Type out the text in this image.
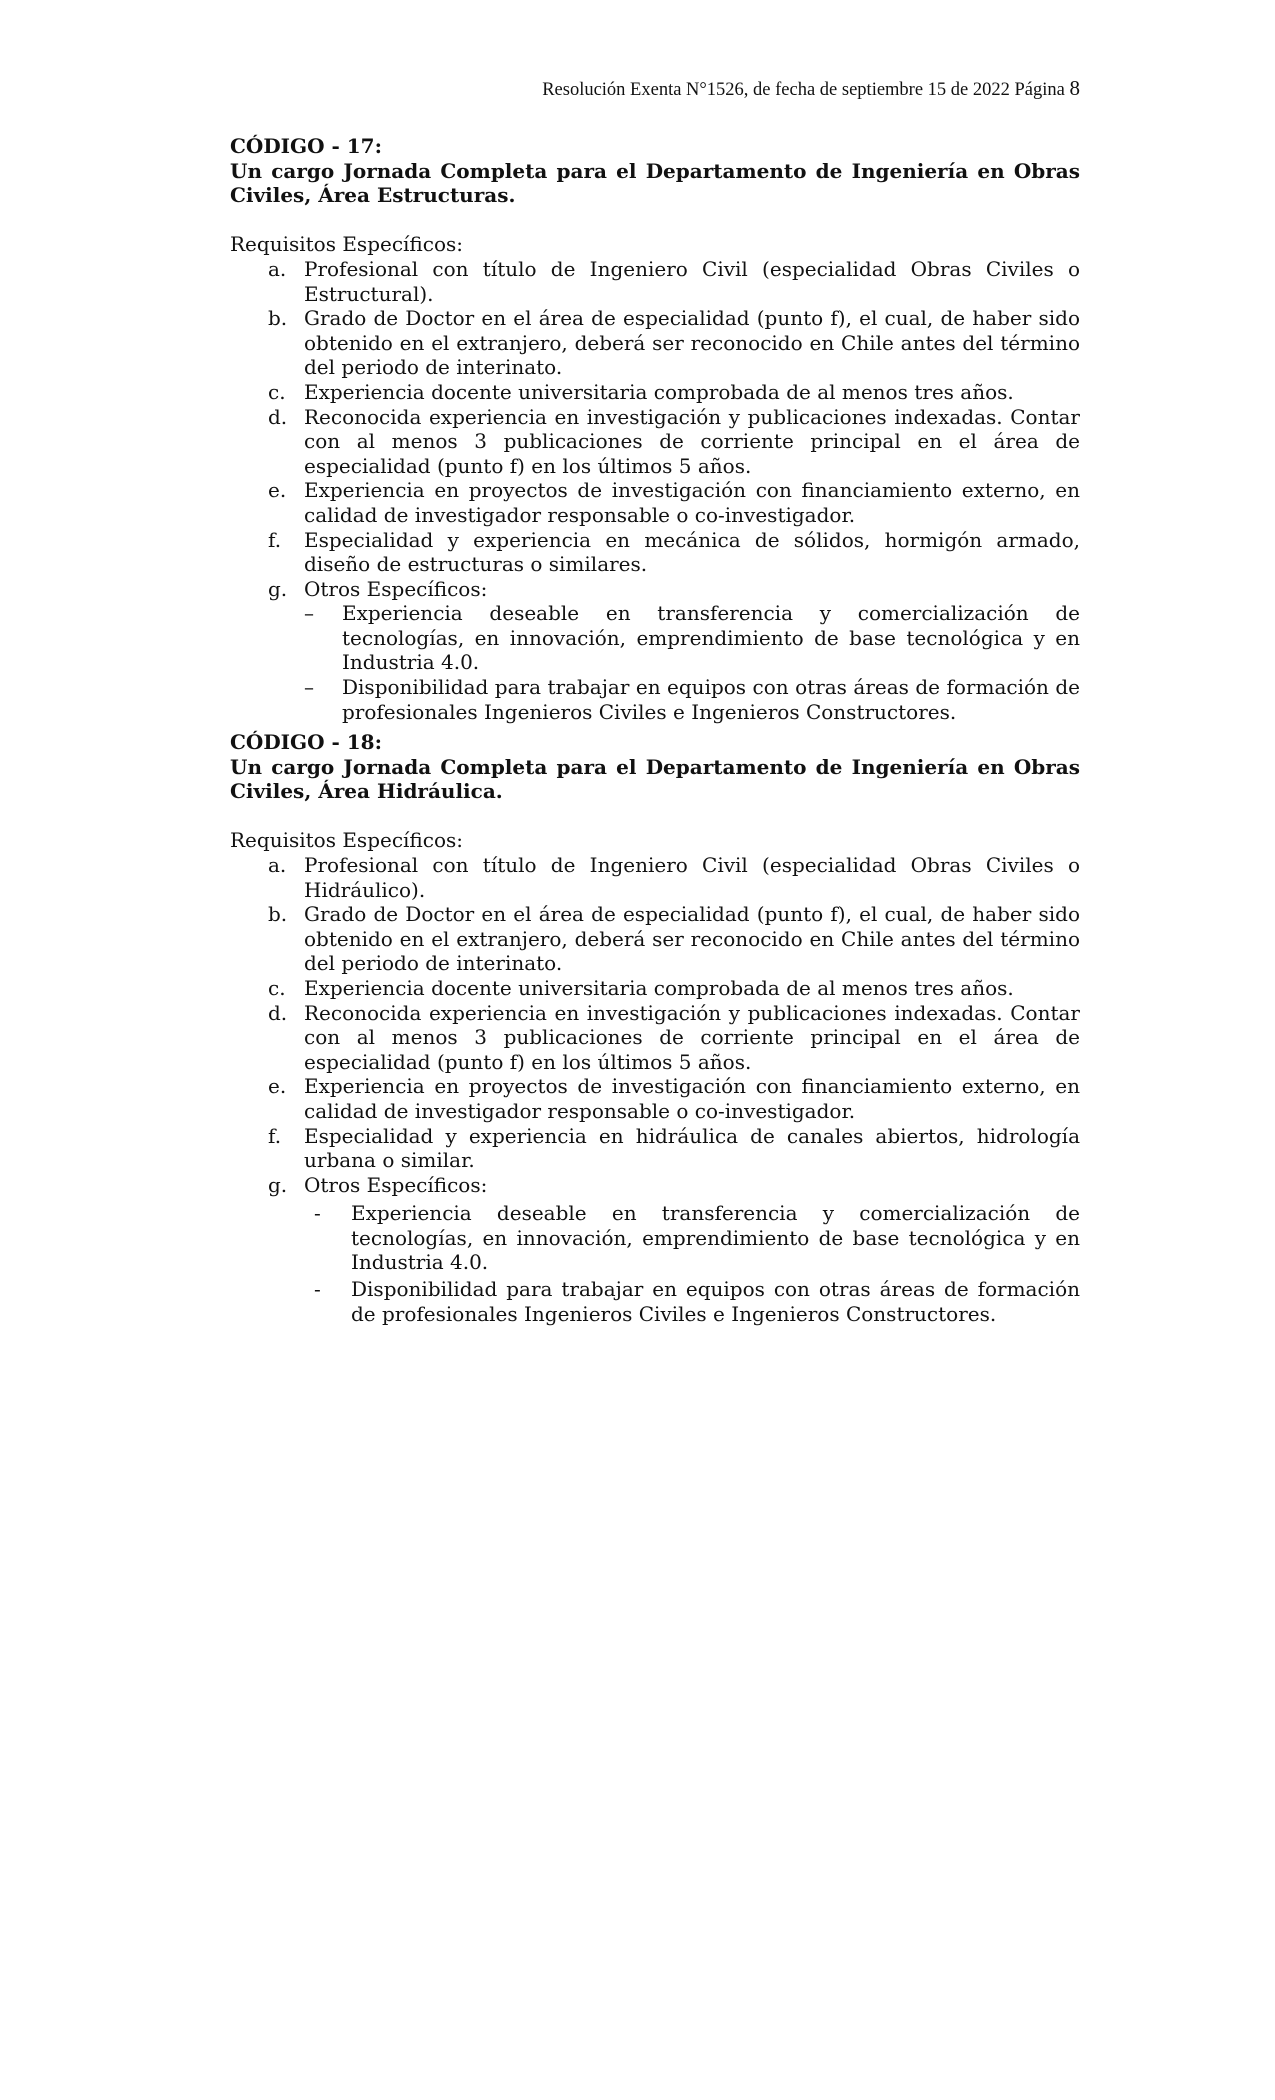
Resolución Exenta N°1526, de fecha de septiembre 15 de 2022 Página 8
CÓDIGO - 17:
Un cargo Jornada Completa para el Departamento de Ingeniería en Obras Civiles, Área Estructuras.
Requisitos Específicos:
a. Profesional con título de Ingeniero Civil (especialidad Obras Civiles o Estructural).
b. Grado de Doctor en el área de especialidad (punto f), el cual, de haber sido obtenido en el extranjero, deberá ser reconocido en Chile antes del término del periodo de interinato.
c. Experiencia docente universitaria comprobada de al menos tres años.
d. Reconocida experiencia en investigación y publicaciones indexadas. Contar con al menos 3 publicaciones de corriente principal en el área de especialidad (punto f) en los últimos 5 años.
e. Experiencia en proyectos de investigación con financiamiento externo, en calidad de investigador responsable o co-investigador.
f. Especialidad y experiencia en mecánica de sólidos, hormigón armado, diseño de estructuras o similares.
g. Otros Específicos:
– Experiencia deseable en transferencia y comercialización de tecnologías, en innovación, emprendimiento de base tecnológica y en Industria 4.0.
– Disponibilidad para trabajar en equipos con otras áreas de formación de profesionales Ingenieros Civiles e Ingenieros Constructores.
CÓDIGO - 18:
Un cargo Jornada Completa para el Departamento de Ingeniería en Obras Civiles, Área Hidráulica.
Requisitos Específicos:
a. Profesional con título de Ingeniero Civil (especialidad Obras Civiles o Hidráulico).
b. Grado de Doctor en el área de especialidad (punto f), el cual, de haber sido obtenido en el extranjero, deberá ser reconocido en Chile antes del término del periodo de interinato.
c. Experiencia docente universitaria comprobada de al menos tres años.
d. Reconocida experiencia en investigación y publicaciones indexadas. Contar con al menos 3 publicaciones de corriente principal en el área de especialidad (punto f) en los últimos 5 años.
e. Experiencia en proyectos de investigación con financiamiento externo, en calidad de investigador responsable o co-investigador.
f. Especialidad y experiencia en hidráulica de canales abiertos, hidrología urbana o similar.
g. Otros Específicos:
- Experiencia deseable en transferencia y comercialización de tecnologías, en innovación, emprendimiento de base tecnológica y en Industria 4.0.
- Disponibilidad para trabajar en equipos con otras áreas de formación de profesionales Ingenieros Civiles e Ingenieros Constructores.
